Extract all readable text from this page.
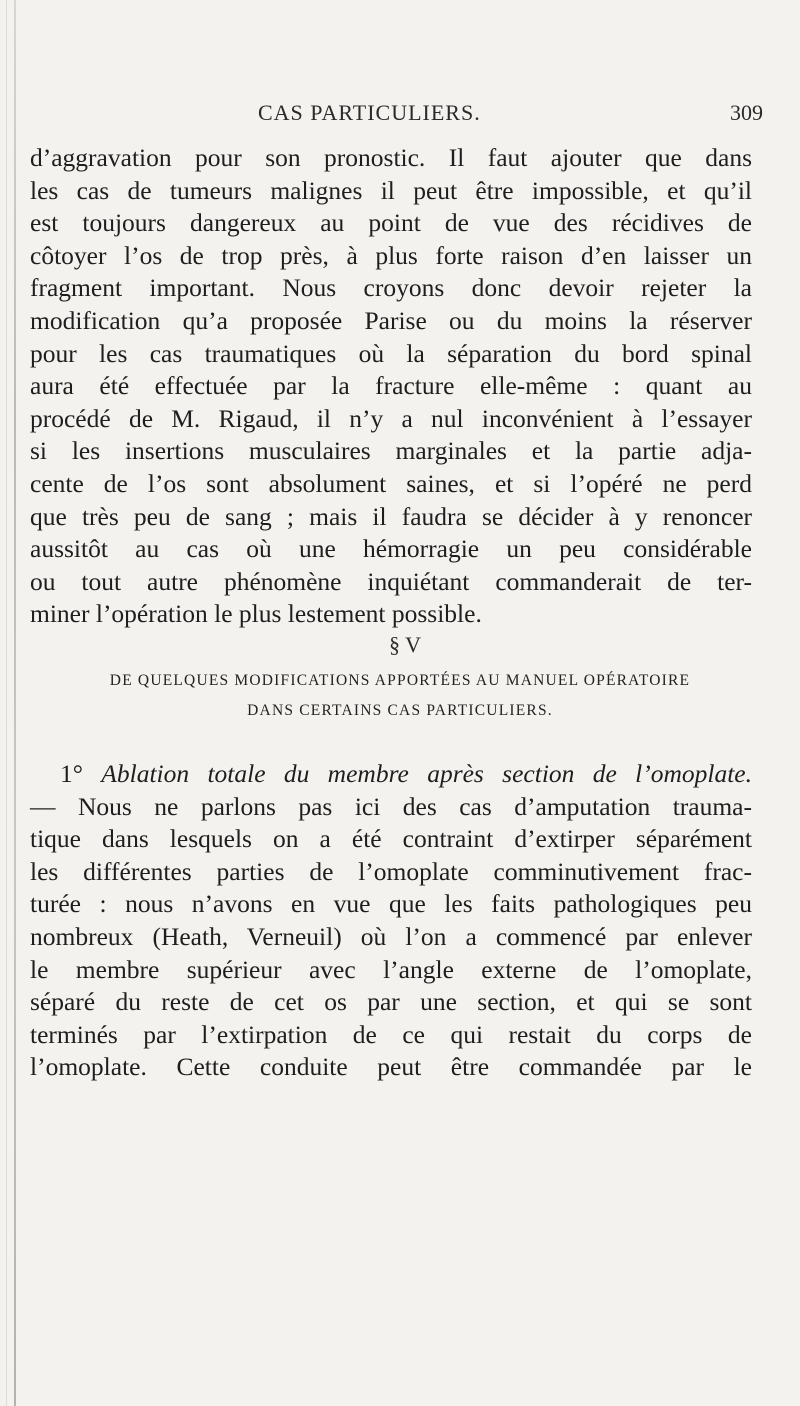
CAS PARTICULIERS.	309
d’aggravation pour son pronostic. Il faut ajouter que dans
les cas de tumeurs malignes il peut être impossible, et qu’il
est toujours dangereux au point de vue des récidives de
côtoyer l’os de trop près, à plus forte raison d’en laisser un
fragment important. Nous croyons donc devoir rejeter la
modification qu’a proposée Parise ou du moins la réserver
pour les cas traumatiques où la séparation du bord spinal
aura été effectuée par la fracture elle-même : quant au
procédé de M. Rigaud, il n’y a nul inconvénient à l’essayer
si les insertions musculaires marginales et la partie adja-
cente de l’os sont absolument saines, et si l’opéré ne perd
que très peu de sang ; mais il faudra se décider à y renoncer
aussitôt au cas où une hémorragie un peu considérable
ou tout autre phénomène inquiétant commanderait de ter-
miner l’opération le plus lestement possible.
§ V
DE QUELQUES MODIFICATIONS APPORTÉES AU MANUEL OPÉRATOIRE
DANS CERTAINS CAS PARTICULIERS.
1° Ablation totale du membre après section de l’omoplate.
— Nous ne parlons pas ici des cas d’amputation trauma-
tique dans lesquels on a été contraint d’extirper séparément
les différentes parties de l’omoplate comminutivement frac-
turée : nous n’avons en vue que les faits pathologiques peu
nombreux (Heath, Verneuil) où l’on a commencé par enlever
le membre supérieur avec l’angle externe de l’omoplate,
séparé du reste de cet os par une section, et qui se sont
terminés par l’extirpation de ce qui restait du corps de
l’omoplate. Cette conduite peut être commandée par le
